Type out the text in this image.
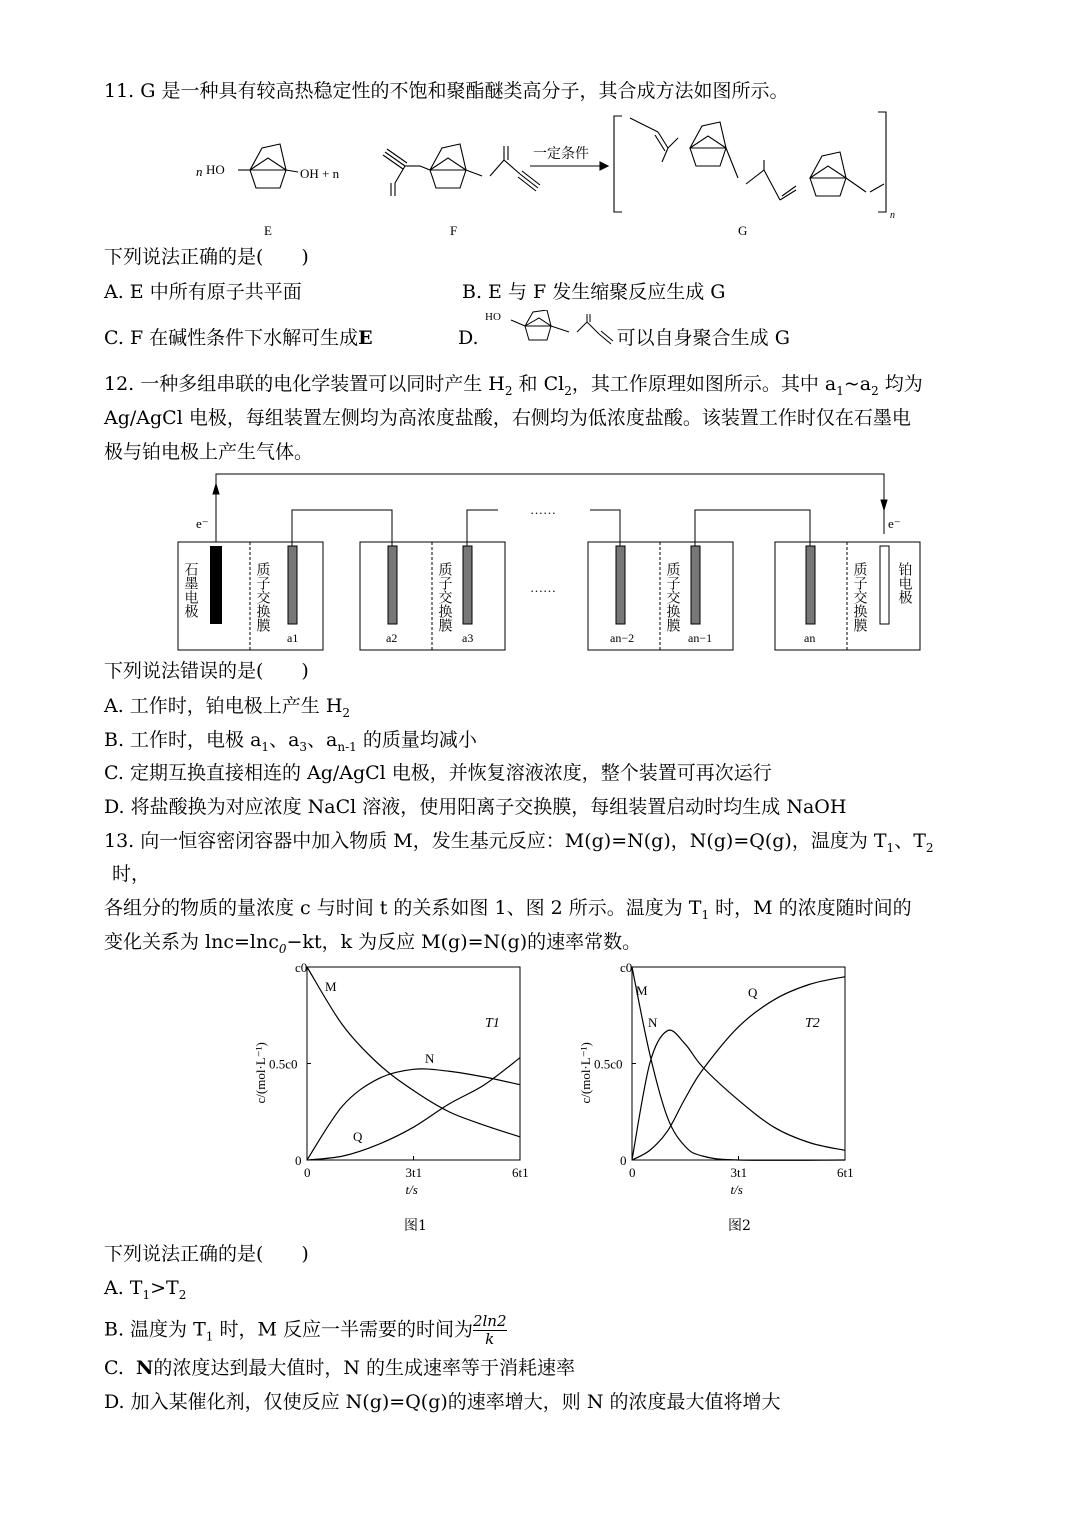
11. G 是一种具有较高热稳定性的不饱和聚酯醚类高分子，其合成方法如图所示。
n HO	OH + n
一定条件
E	F	G
n
下列说法正确的是(　　)
A. E 中所有原子共平面	B. E 与 F 发生缩聚反应生成 G
C. F 在碱性条件下水解可生成E	D.
HO
可以自身聚合生成 G
12. 一种多组串联的电化学装置可以同时产生 $H_2$ 和 $Cl_2$，其工作原理如图所示。其中 $a_1\sim a_2$ 均为
Ag/AgCl 电极，每组装置左侧均为高浓度盐酸，右侧均为低浓度盐酸。该装置工作时仅在石墨电
极与铂电极上产生气体。
e⁻	e⁻
……
……
石墨电极	质子交换膜	质子交换膜	质子交换膜	质子交换膜 铂电极
a1	a2	a3	an−2	an−1	an
下列说法错误的是(　　)
A. 工作时，铂电极上产生 $H_2$
B. 工作时，电极 $a_1$、$a_3$、$a_{n-1}$ 的质量均减小
C. 定期互换直接相连的 Ag/AgCl 电极，并恢复溶液浓度，整个装置可再次运行
D. 将盐酸换为对应浓度 NaCl 溶液，使用阳离子交换膜，每组装置启动时均生成 NaOH
13. 向一恒容密闭容器中加入物质 M，发生基元反应：M(g)=N(g)，N(g)=Q(g)，温度为 $T_1$、$T_2$
时，
各组分的物质的量浓度 c 与时间 t 的关系如图 1、图 2 所示。温度为 $T_1$ 时，M 的浓度随时间的
变化关系为 lnc=lnc$_0$−kt，k 为反应 M(g)=N(g)的速率常数。
0	3t1	6t1
0
0.5c0
c0
t/s
c/(mol·L⁻¹)
T1
M
N
Q
0	3t1	6t1
0
0.5c0
c0
t/s
c/(mol·L⁻¹)
T2
M
N
Q
图1	图2
下列说法正确的是(　　)
A. $T_1>T_2$
B. 温度为 $T_1$ 时，M 反应一半需要的时间为 $\frac{2\ln 2}{k}$
C. N的浓度达到最大值时，N 的生成速率等于消耗速率
D. 加入某催化剂，仅使反应 N(g)=Q(g)的速率增大，则 N 的浓度最大值将增大
